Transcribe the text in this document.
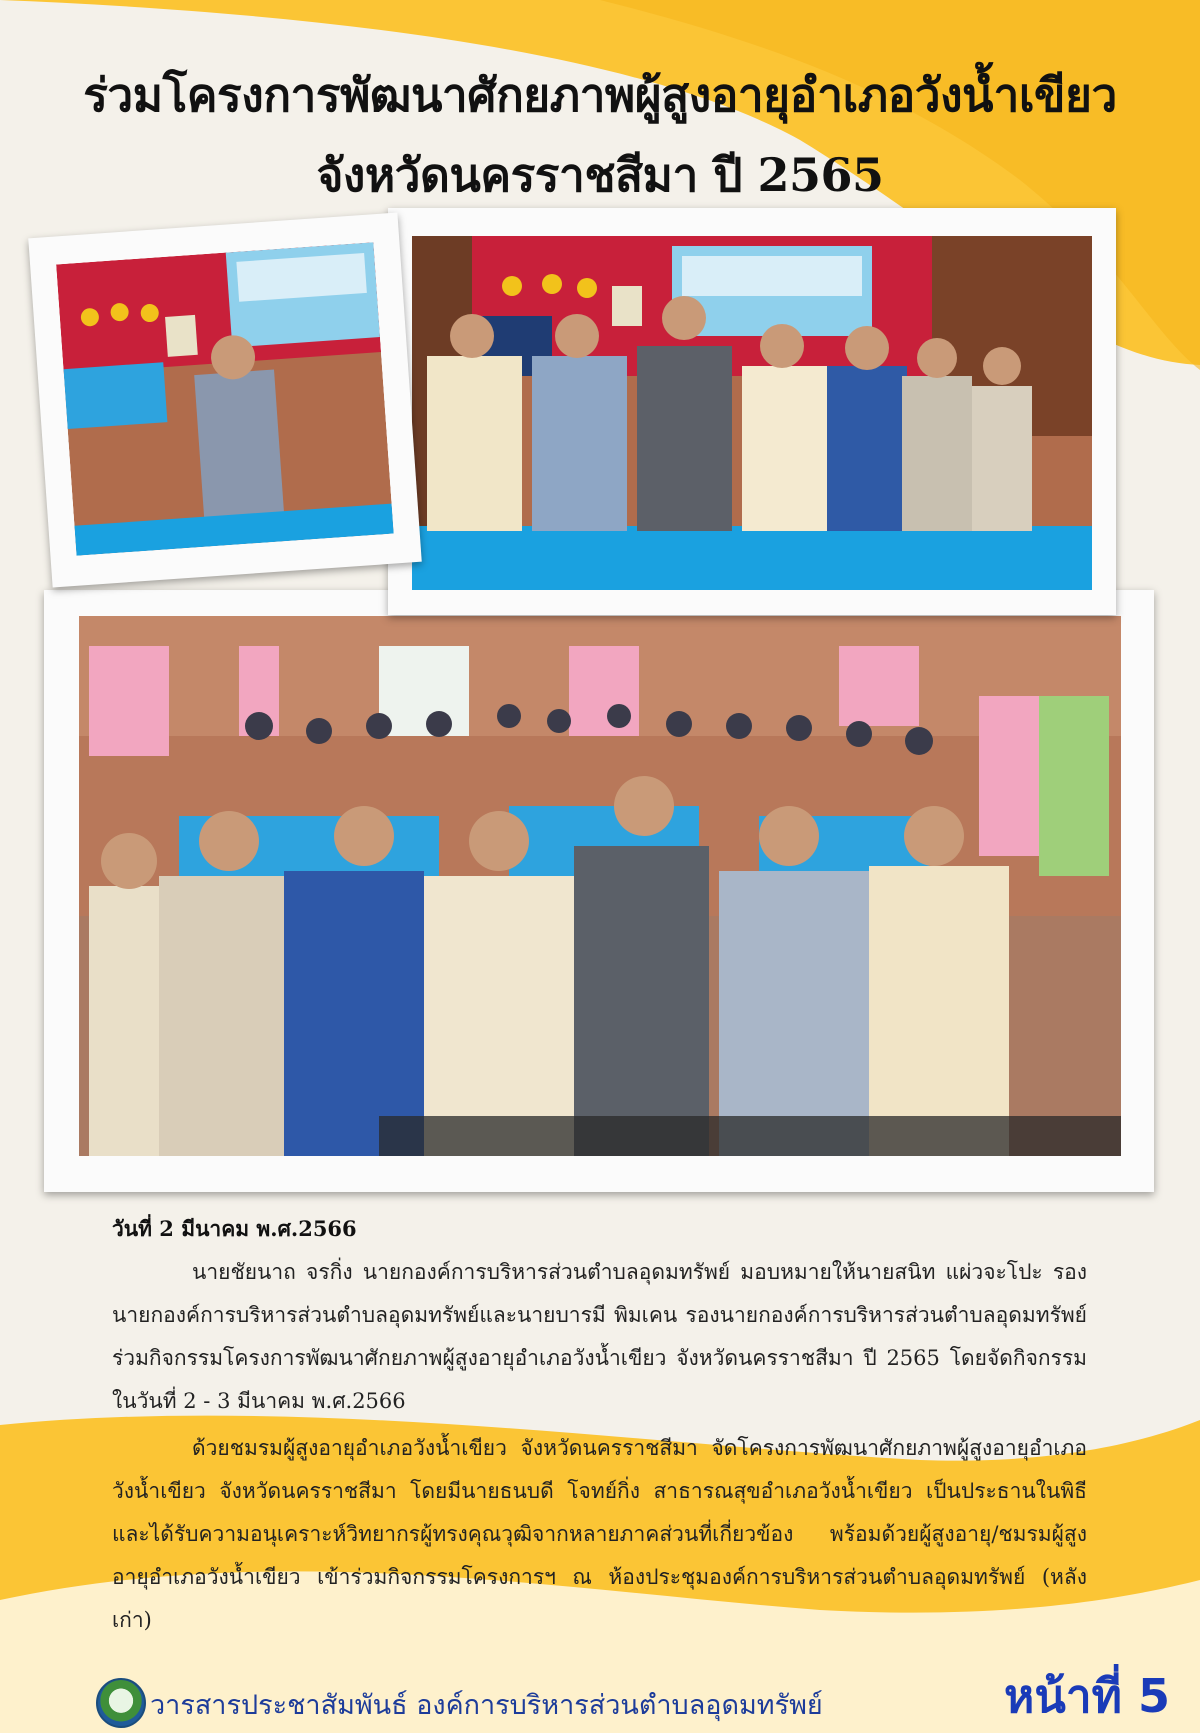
ร่วมโครงการพัฒนาศักยภาพผู้สูงอายุอำเภอวังน้ำเขียว
จังหวัดนครราชสีมา ปี 2565
วันที่ 2 มีนาคม พ.ศ.2566
นายชัยนาถ จรกิ่ง นายกองค์การบริหารส่วนตำบลอุดมทรัพย์ มอบหมายให้นายสนิท แผ่วจะโปะ รองนายกองค์การบริหารส่วนตำบลอุดมทรัพย์และนายบารมี พิมเคน รองนายกองค์การบริหารส่วนตำบลอุดมทรัพย์ ร่วมกิจกรรมโครงการพัฒนาศักยภาพผู้สูงอายุอำเภอวังน้ำเขียว จังหวัดนครราชสีมา ปี 2565 โดยจัดกิจกรรม ในวันที่ 2 - 3 มีนาคม พ.ศ.2566
ด้วยชมรมผู้สูงอายุอำเภอวังน้ำเขียว จังหวัดนครราชสีมา จัดโครงการพัฒนาศักยภาพผู้สูงอายุอำเภอวังน้ำเขียว จังหวัดนครราชสีมา โดยมีนายธนบดี โจทย์กิ่ง สาธารณสุขอำเภอวังน้ำเขียว เป็นประธานในพิธี และได้รับความอนุเคราะห์วิทยากรผู้ทรงคุณวุฒิจากหลายภาคส่วนที่เกี่ยวข้อง พร้อมด้วยผู้สูงอายุ/ชมรมผู้สูงอายุอำเภอวังน้ำเขียว เข้าร่วมกิจกรรมโครงการฯ ณ ห้องประชุมองค์การบริหารส่วนตำบลอุดมทรัพย์ (หลังเก่า)
วารสารประชาสัมพันธ์ องค์การบริหารส่วนตำบลอุดมทรัพย์	หน้าที่ 5
